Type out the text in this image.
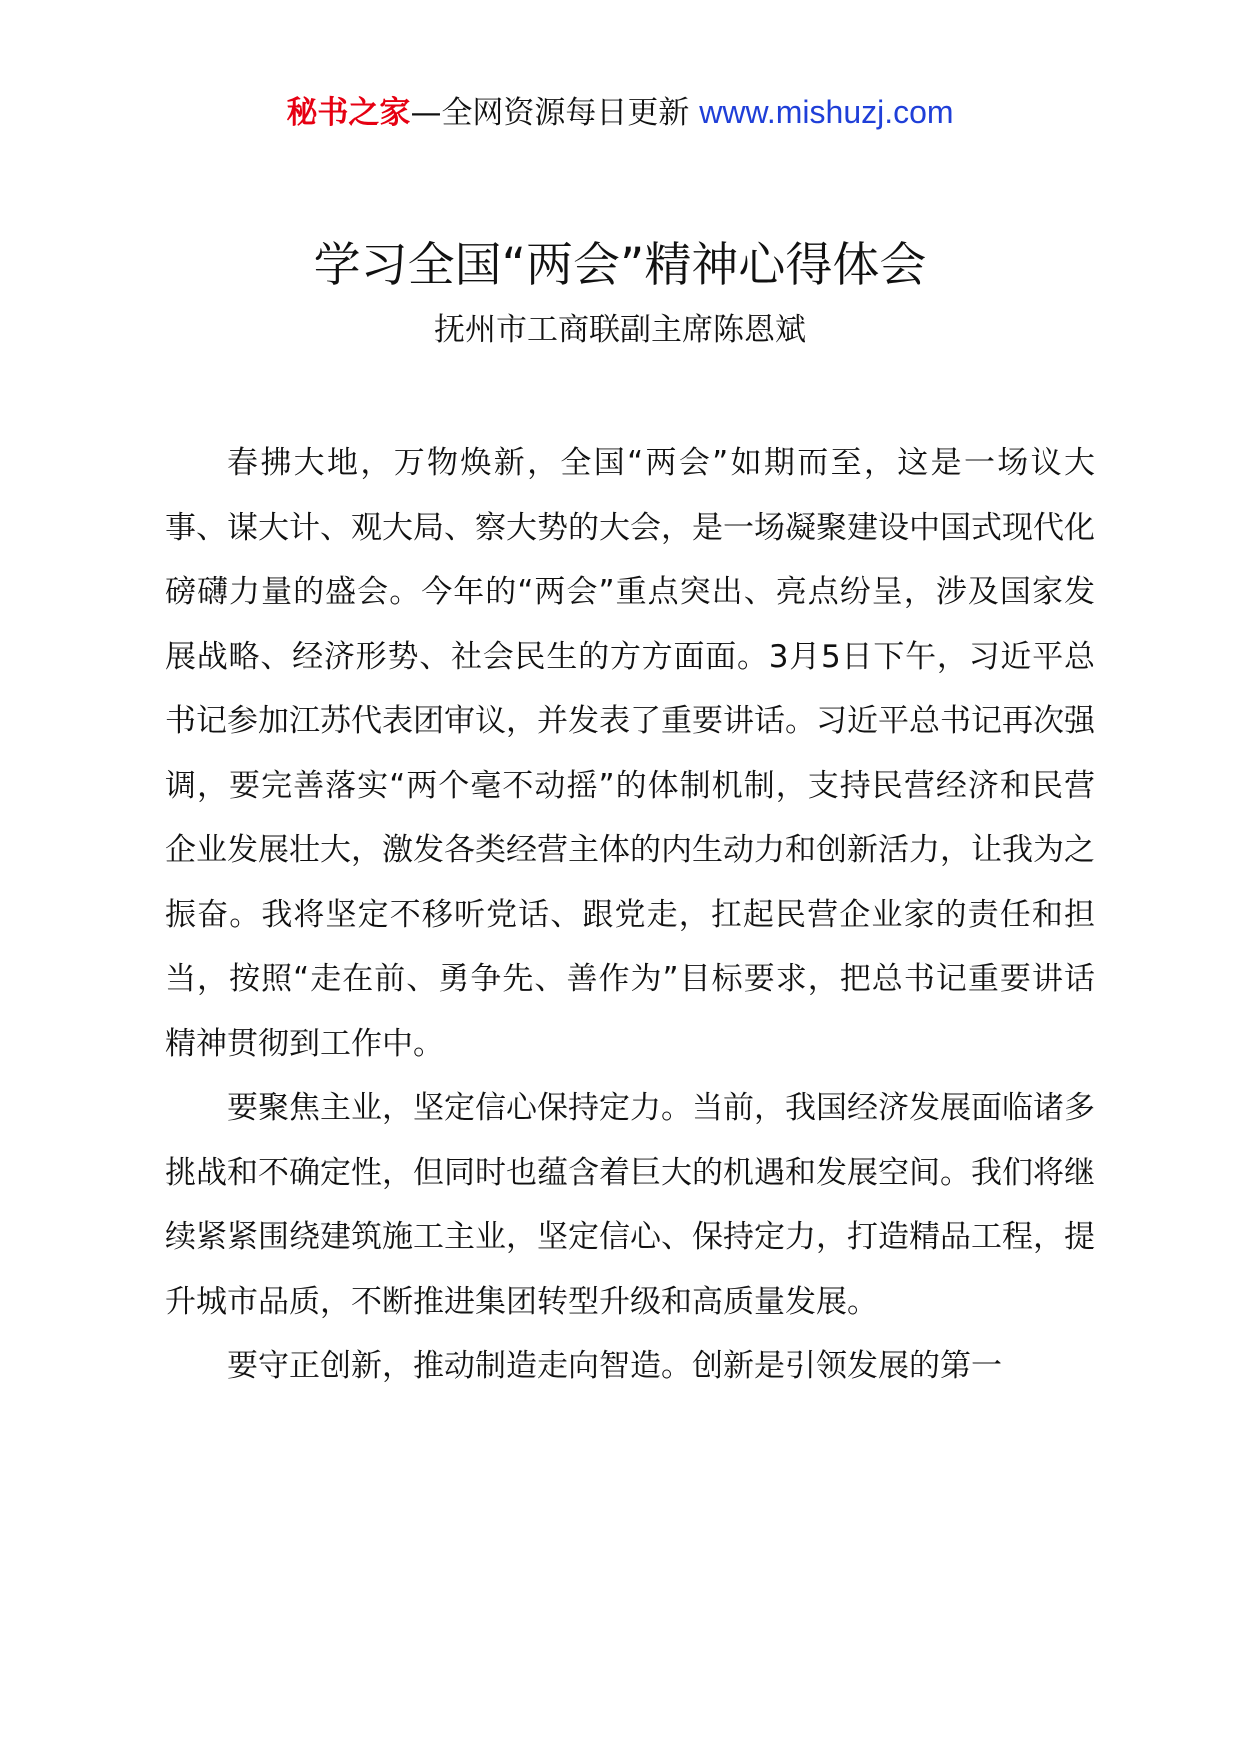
秘书之家—全网资源每日更新 www.mishuzj.com
学习全国“两会”精神心得体会
抚州市工商联副主席陈恩斌

春拂大地，万物焕新，全国“两会”如期而至，这是一场议大事、谋大计、观大局、察大势的大会，是一场凝聚建设中国式现代化磅礴力量的盛会。今年的“两会”重点突出、亮点纷呈，涉及国家发展战略、经济形势、社会民生的方方面面。3月5日下午，习近平总书记参加江苏代表团审议，并发表了重要讲话。习近平总书记再次强调，要完善落实“两个毫不动摇”的体制机制，支持民营经济和民营企业发展壮大，激发各类经营主体的内生动力和创新活力，让我为之振奋。我将坚定不移听党话、跟党走，扛起民营企业家的责任和担当，按照“走在前、勇争先、善作为”目标要求，把总书记重要讲话精神贯彻到工作中。

要聚焦主业，坚定信心保持定力。当前，我国经济发展面临诸多挑战和不确定性，但同时也蕴含着巨大的机遇和发展空间。我们将继续紧紧围绕建筑施工主业，坚定信心、保持定力，打造精品工程，提升城市品质，不断推进集团转型升级和高质量发展。

要守正创新，推动制造走向智造。创新是引领发展的第一
